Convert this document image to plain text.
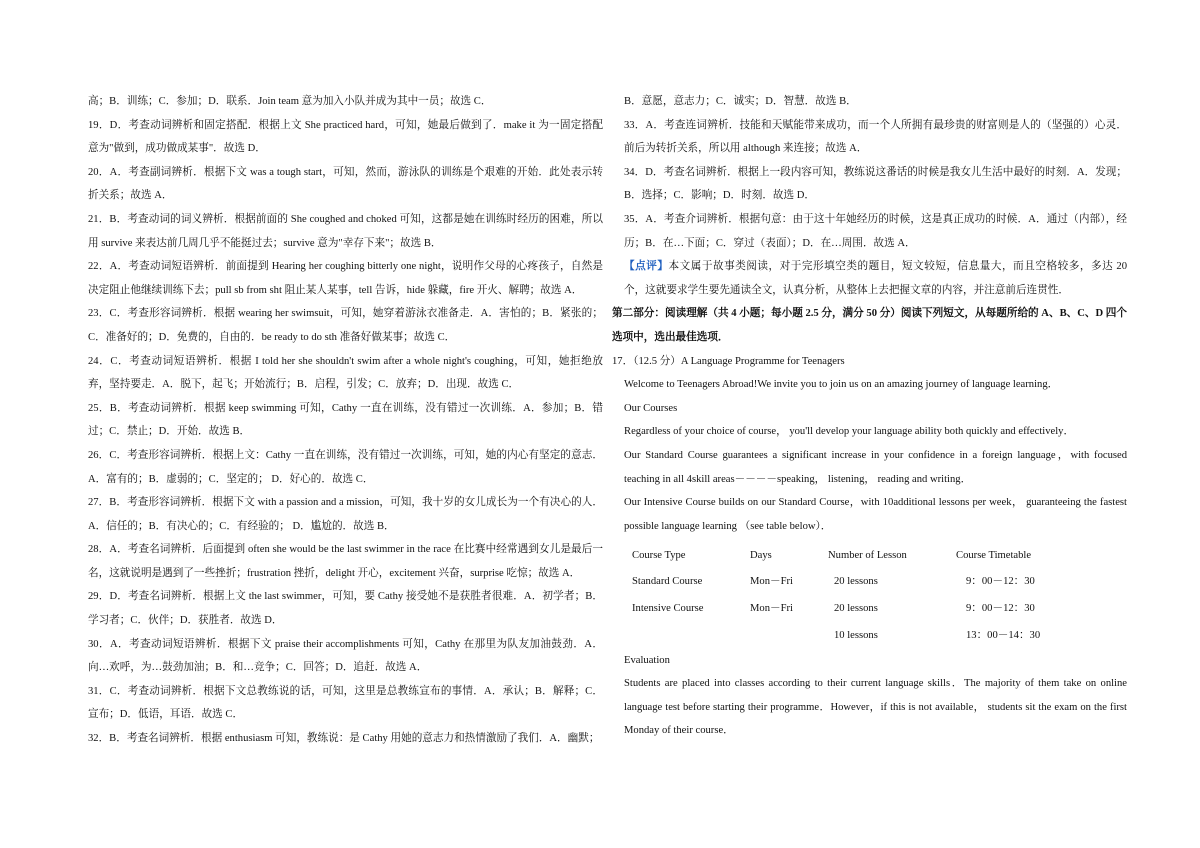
高；B．训练；C．参加；D．联系．Join team 意为加入小队并成为其中一员；故选 C．

19．D．考查动词辨析和固定搭配．根据上文 She practiced hard，可知，她最后做到了．make it 为一固定搭配意为"做到，成功做成某事"．故选 D．

20．A．考查副词辨析．根据下文 was a tough start，可知，然而，游泳队的训练是个艰难的开始．此处表示转折关系；故选 A．

21．B．考查动词的词义辨析．根据前面的 She coughed and choked 可知，这都是她在训练时经历的困难，所以用 survive 来表达前几周几乎不能挺过去；survive 意为"幸存下来"；故选 B．

22．A．考查动词短语辨析．前面提到 Hearing her coughing bitterly one night，说明作父母的心疼孩子，自然是决定阻止他继续训练下去；pull sb from sht 阻止某人某事，tell 告诉，hide 躲藏，fire 开火、解聘；故选 A．

23．C．考查形容词辨析．根据 wearing her swimsuit，可知，她穿着游泳衣准备走．A．害怕的；B．紧张的；C．准备好的；D．免费的，自由的．be ready to do sth 准备好做某事；故选 C．

24．C．考查动词短语辨析．根据 I told her she shouldn't swim after a whole night's coughing，可知，她拒绝放弃，坚持要走．A．脱下，起飞；开始流行；B．启程，引发；C．放弃；D．出现．故选 C．

25．B．考查动词辨析．根据 keep swimming 可知，Cathy 一直在训练，没有错过一次训练．A．参加；B．错过；C．禁止；D．开始．故选 B．

26．C．考查形容词辨析．根据上文：Cathy 一直在训练，没有错过一次训练，可知，她的内心有坚定的意志．A．富有的；B．虚弱的；C．坚定的； D．好心的．故选 C．

27．B．考查形容词辨析．根据下文 with a passion and a mission，可知，我十岁的女儿成长为一个有决心的人．A．信任的；B．有决心的；C．有经验的； D．尴尬的．故选 B．

28．A．考查名词辨析．后面提到 often she would be the last swimmer in the race 在比赛中经常遇到女儿是最后一名，这就说明是遇到了一些挫折；frustration 挫折，delight 开心，excitement 兴奋，surprise 吃惊；故选 A．

29．D．考查名词辨析．根据上文 the last swimmer，可知，要 Cathy 接受她不是获胜者很难．A．初学者；B．学习者；C．伙伴；D．获胜者．故选 D．

30．A．考查动词短语辨析．根据下文 praise their accomplishments 可知，Cathy 在那里为队友加油鼓劲．A．向…欢呼，为…鼓劲加油；B．和…竞争；C．回答；D．追赶．故选 A．

31．C．考查动词辨析．根据下文总教练说的话，可知，这里是总教练宣布的事情．A．承认；B．解释；C．宣布；D．低语，耳语．故选 C．

32．B．考查名词辨析．根据 enthusiasm 可知，教练说：是 Cathy 用她的意志力和热情激励了我们．A．幽默；

B．意愿，意志力；C．诚实；D．智慧．故选 B．

33．A．考查连词辨析．技能和天赋能带来成功，而一个人所拥有最珍贵的财富则是人的（坚强的）心灵．前后为转折关系，所以用 although 来连接；故选 A．

34．D．考查名词辨析．根据上一段内容可知，教练说这番话的时候是我女儿生活中最好的时刻．A．发现；B．选择；C．影响；D．时刻．故选 D．

35．A．考查介词辨析．根据句意：由于这十年她经历的时候，这是真正成功的时候．A．通过（内部），经历；B．在…下面；C．穿过（表面）；D．在…周围．故选 A．

【点评】本文属于故事类阅读，对于完形填空类的题目，短文较短，信息量大，而且空格较多，多达 20 个，这就要求学生要先通读全文，认真分析，从整体上去把握文章的内容，并注意前后连贯性．

第二部分：阅读理解（共 4 小题；每小题 2.5 分，满分 50 分）阅读下列短文，从每题所给的 A、B、C、D 四个选项中，选出最佳选项．

17．（12.5 分）A Language Programme for Teenagers

Welcome to Teenagers Abroad!We invite you to join us on an amazing journey of language learning．

Our Courses

Regardless of your choice of course， you'll develop your language ability both quickly and effectively．

Our Standard Course guarantees a significant increase in your confidence in a foreign language，with focused teaching in all 4skill areas－－－－speaking， listening， reading and writing．

Our Intensive Course builds on our Standard Course，with 10additional lessons per week， guaranteeing the fastest possible language learning （see table below）．

Course Type	Days	Number of Lesson	Course Timetable
Standard Course	Mon－Fri	20 lessons	9：00－12：30
Intensive Course	Mon－Fri	20 lessons	9：00－12：30
		10 lessons	13：00－14：30

Evaluation

Students are placed into classes according to their current language skills．The majority of them take on online language test before starting their programme．However，if this is not available， students sit the exam on the first Monday of their course．
